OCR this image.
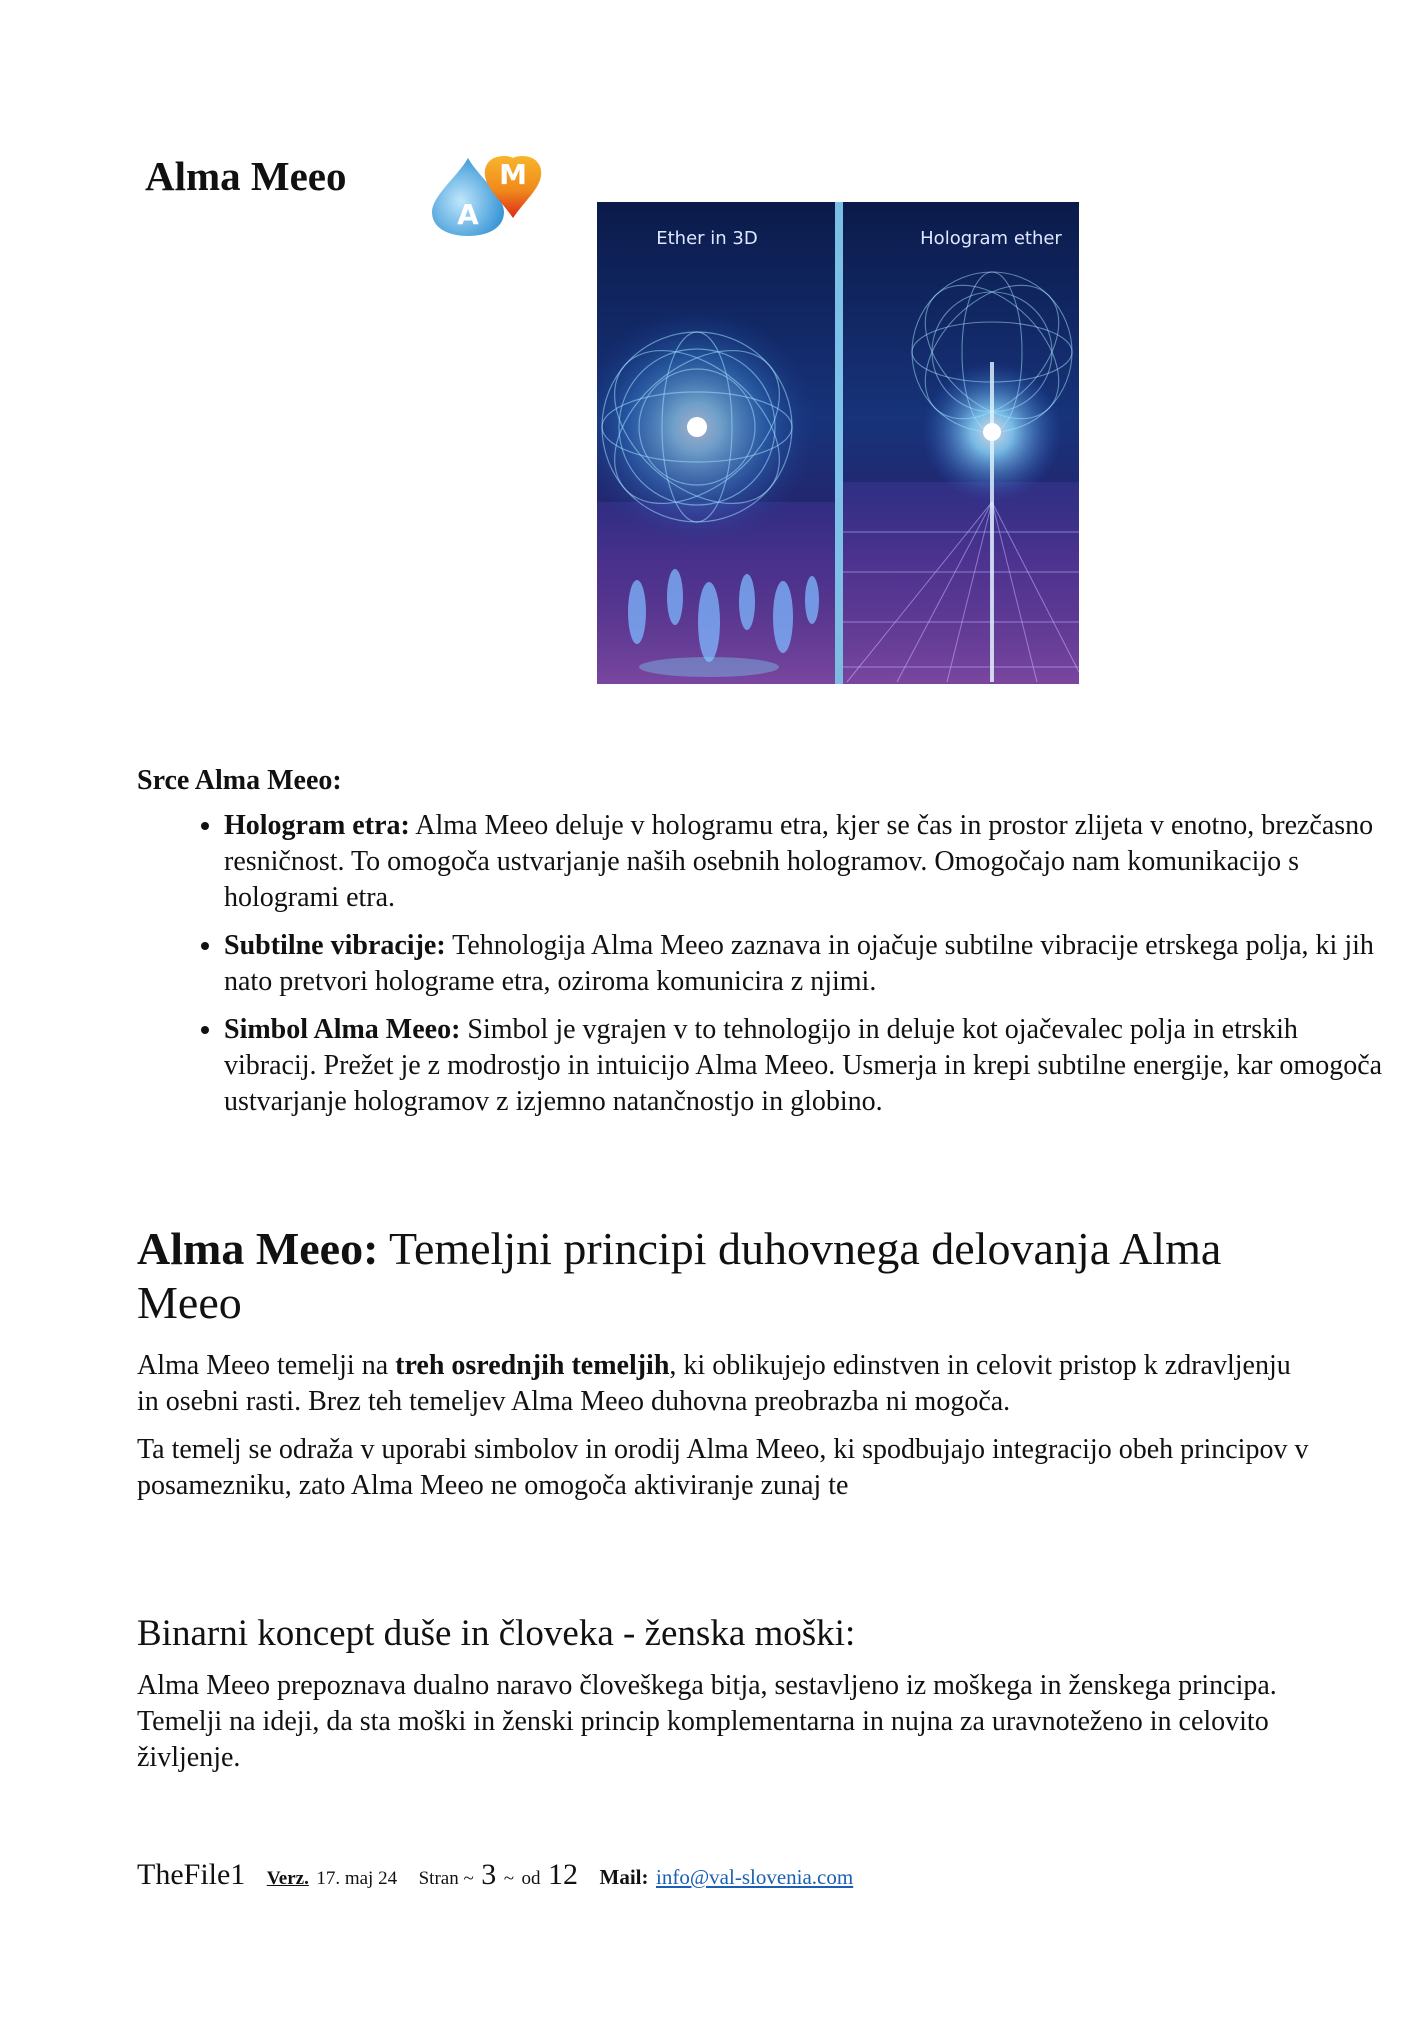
Alma Meeo
A
M
Ether in 3D	Hologram ether
Srce Alma Meeo:
• Hologram etra: Alma Meeo deluje v hologramu etra, kjer se čas in prostor zlijeta v enotno, brezčasno resničnost. To omogoča ustvarjanje naših osebnih hologramov. Omogočajo nam komunikacijo s hologrami etra.
• Subtilne vibracije: Tehnologija Alma Meeo zaznava in ojačuje subtilne vibracije etrskega polja, ki jih nato pretvori holograme etra, oziroma komunicira z njimi.
• Simbol Alma Meeo: Simbol je vgrajen v to tehnologijo in deluje kot ojačevalec polja in etrskih vibracij. Prežet je z modrostjo in intuicijo Alma Meeo. Usmerja in krepi subtilne energije, kar omogoča ustvarjanje hologramov z izjemno natančnostjo in globino.
Alma Meeo: Temeljni principi duhovnega delovanja Alma Meeo

Alma Meeo temelji na treh osrednjih temeljih, ki oblikujejo edinstven in celovit pristop k zdravljenju in osebni rasti. Brez teh temeljev Alma Meeo duhovna preobrazba ni mogoča.

Ta temelj se odraža v uporabi simbolov in orodij Alma Meeo, ki spodbujajo integracijo obeh principov v posamezniku, zato Alma Meeo ne omogoča aktiviranje zunaj te

Binarni koncept duše in človeka - ženska moški:

Alma Meeo prepoznava dualno naravo človeškega bitja, sestavljeno iz moškega in ženskega principa. Temelji na ideji, da sta moški in ženski princip komplementarna in nujna za uravnoteženo in celovito življenje.

TheFile1 Verz. 17. maj 24 Stran ~ 3 ~ od 12 Mail: info@val-slovenia.com
